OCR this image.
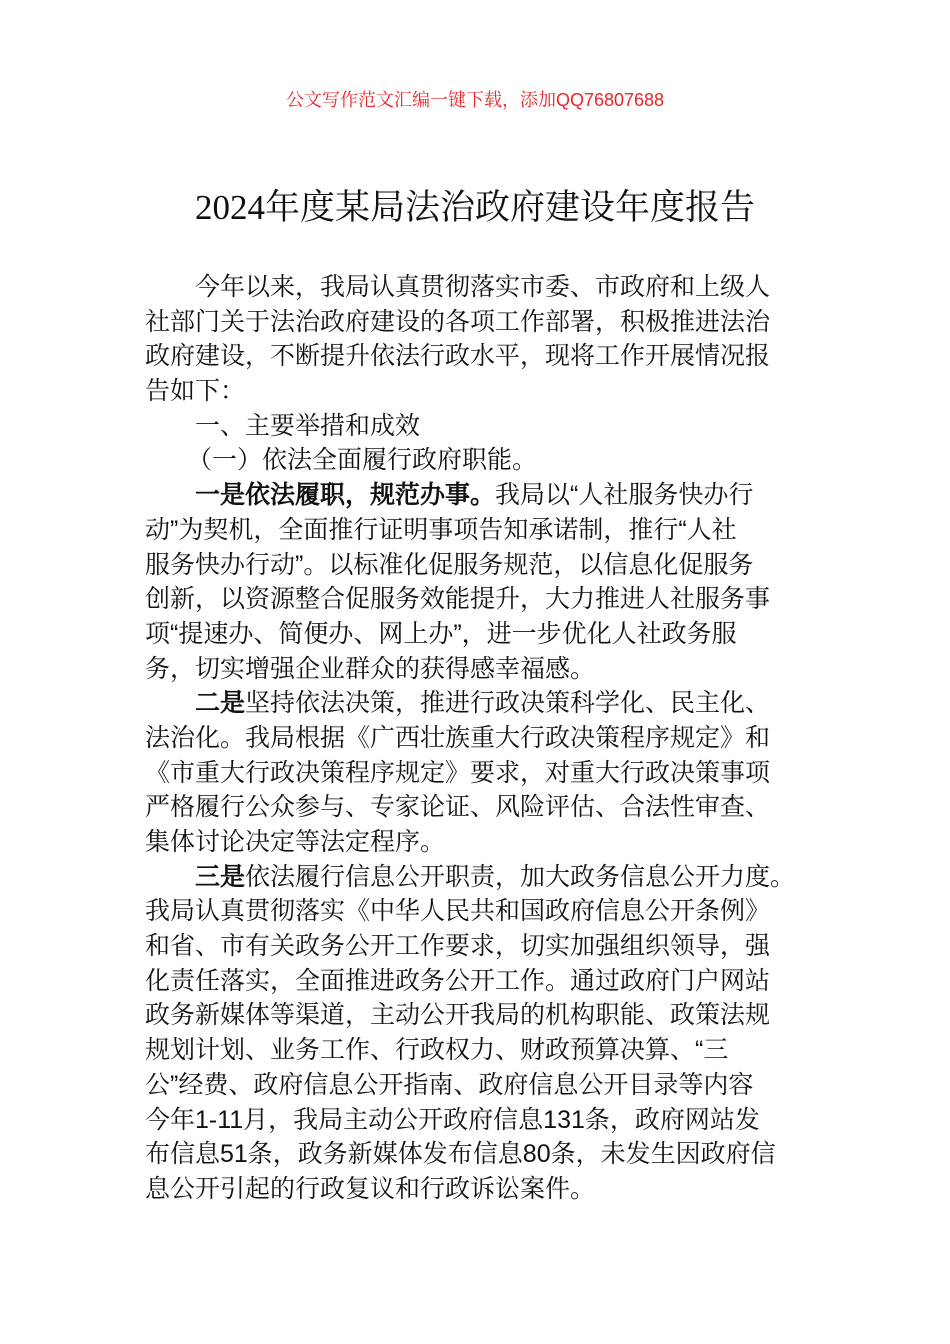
公文写作范文汇编一键下载，添加QQ76807688
2024年度某局法治政府建设年度报告
今年以来，我局认真贯彻落实市委、市政府和上级人
社部门关于法治政府建设的各项工作部署，积极推进法治
政府建设，不断提升依法行政水平，现将工作开展情况报
告如下：
一、主要举措和成效
（一）依法全面履行政府职能。
一是依法履职，规范办事。我局以“人社服务快办行
动”为契机，全面推行证明事项告知承诺制，推行“人社
服务快办行动”。以标准化促服务规范，以信息化促服务
创新，以资源整合促服务效能提升，大力推进人社服务事
项“提速办、简便办、网上办”，进一步优化人社政务服
务，切实增强企业群众的获得感幸福感。
二是坚持依法决策，推进行政决策科学化、民主化、
法治化。我局根据《广西壮族重大行政决策程序规定》和
《市重大行政决策程序规定》要求，对重大行政决策事项
严格履行公众参与、专家论证、风险评估、合法性审查、
集体讨论决定等法定程序。
三是依法履行信息公开职责，加大政务信息公开力度。
我局认真贯彻落实《中华人民共和国政府信息公开条例》
和省、市有关政务公开工作要求，切实加强组织领导，强
化责任落实，全面推进政务公开工作。通过政府门户网站
政务新媒体等渠道，主动公开我局的机构职能、政策法规
规划计划、业务工作、行政权力、财政预算决算、“三
公”经费、政府信息公开指南、政府信息公开目录等内容
今年1-11月，我局主动公开政府信息131条，政府网站发
布信息51条，政务新媒体发布信息80条，未发生因政府信
息公开引起的行政复议和行政诉讼案件。
